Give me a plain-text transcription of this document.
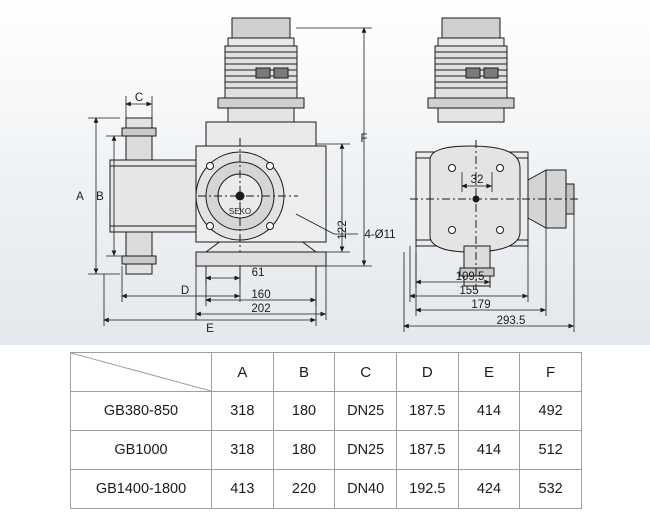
SEKO
C
A B
D
E
F
122
61
160
202
4-Ø11
32
109.5
155
179
293.5
	A	B	C	D	E	F
GB380-850	318	180	DN25	187.5	414	492
GB1000	318	180	DN25	187.5	414	512
GB1400-1800	413	220	DN40	192.5	424	532
